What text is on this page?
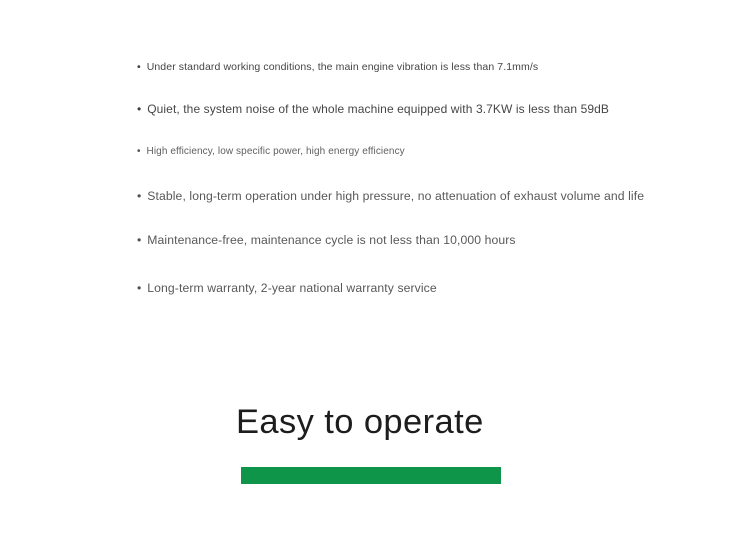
• Under standard working conditions, the main engine vibration is less than 7.1mm/s
• Quiet, the system noise of the whole machine equipped with 3.7KW is less than 59dB
• High efficiency, low specific power, high energy efficiency
• Stable, long-term operation under high pressure, no attenuation of exhaust volume and life
• Maintenance-free, maintenance cycle is not less than 10,000 hours
• Long-term warranty, 2-year national warranty service
Easy to operate
